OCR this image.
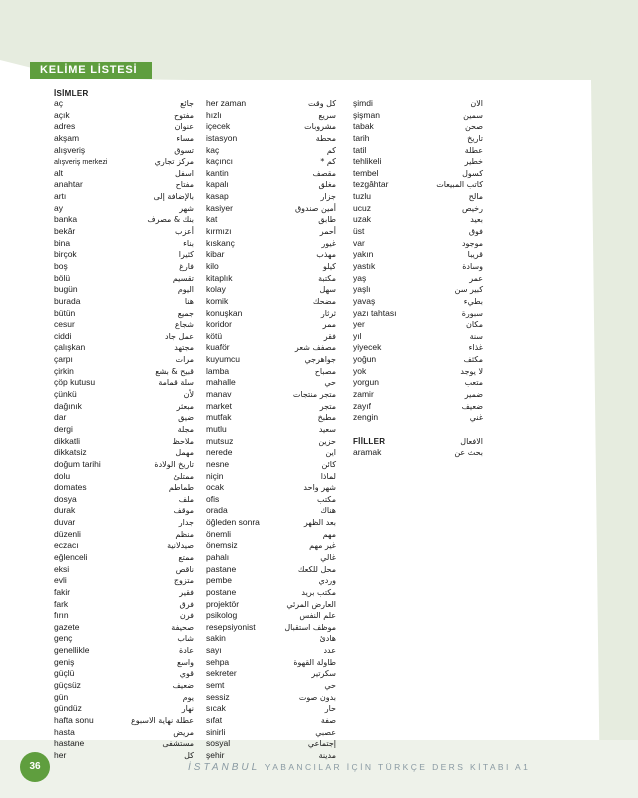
KELİME LİSTESİ
İSİMLER
aç	جائع
açık	مفتوح
adres	عنوان
akşam	مساء
alışveriş	تسوق
alışveriş merkezi	مركز تجاري
alt	اسفل
anahtar	مفتاح
artı	بالإضافة إلى
ay	شهر
banka	بنك & مصرف
bekâr	أعزب
bina	بناء
birçok	كثيرا
boş	فارغ
bölü	تقسيم
bugün	اليوم
burada	هنا
bütün	جميع
cesur	شجاع
ciddi	عمل جاد
çalışkan	مجتهد
çarpı	مرات
çirkin	قبيح & بشع
çöp kutusu	سلة قمامة
çünkü	لأن
dağınık	مبعثر
dar	ضيق
dergi	مجلة
dikkatli	ملاحظ
dikkatsiz	مهمل
doğum tarihi	تاريخ الولادة
dolu	ممتلئ
domates	طماطم
dosya	ملف
durak	موقف
duvar	جدار
düzenli	منظم
eczacı	صيدلانية
eğlenceli	ممتع
eksi	ناقص
evli	متزوج
fakir	فقير
fark	فرق
fırın	فرن
gazete	صحيفة
genç	شاب
genellikle	عادة
geniş	واسع
güçlü	قوي
güçsüz	ضعيف
gün	يوم
gündüz	نهار
hafta sonu	عطلة نهاية الاسبوع
hasta	مريض
hastane	مستشفى
her	كل
her zaman	كل وقت
hızlı	سريع
içecek	مشروبات
istasyon	محطة
kaç	كم
kaçıncı	كم *
kantin	مقصف
kapalı	مغلق
kasap	جزار
kasiyer	أمين صندوق
kat	طابق
kırmızı	أحمر
kıskanç	غيور
kibar	مهذب
kilo	كيلو
kitaplık	مكتبة
kolay	سهل
komik	مضحك
konuşkan	ثرثار
koridor	ممر
kötü	فقر
kuaför	مصفف شعر
kuyumcu	جواهرجي
lamba	مصباح
mahalle	حي
manav	متجر منتجات
market	متجر
mutfak	مطبخ
mutlu	سعيد
mutsuz	حزين
nerede	اين
nesne	كائن
niçin	لماذا
ocak	شهر واحد
ofis	مكتب
orada	هناك
öğleden sonra	بعد الظهر
önemli	مهم
önemsiz	غير مهم
pahalı	غالي
pastane	محل للكعك
pembe	وردي
postane	مكتب بريد
projektör	العارض المرئي
psikolog	علم النفس
resepsiyonist	موظف استقبال
sakin	هادئ
sayı	عدد
sehpa	طاولة القهوة
sekreter	سكرتير
semt	حي
sessiz	بدون صوت
sıcak	حار
sıfat	صفة
sinirli	عصبي
sosyal	إجتماعي
şehir	مدينة
şimdi	الان
şişman	سمين
tabak	صحن
tarih	تاريخ
tatil	عطلة
tehlikeli	خطير
tembel	كسول
tezgâhtar	كاتب المبيعات
tuzlu	مالح
ucuz	رخيص
uzak	بعيد
üst	فوق
var	موجود
yakın	قريبا
yastık	وسادة
yaş	عمر
yaşlı	كبير سن
yavaş	بطيء
yazı tahtası	سبورة
yer	مكان
yıl	سنة
yiyecek	غذاء
yoğun	مكثف
yok	لا يوجد
yorgun	متعب
zamir	ضمير
zayıf	ضعيف
zengin	غني
FİİLLER	الافعال
aramak	بحث عن
36	İSTANBUL YABANCILAR İÇİN TÜRKÇE DERS KİTABI A1
